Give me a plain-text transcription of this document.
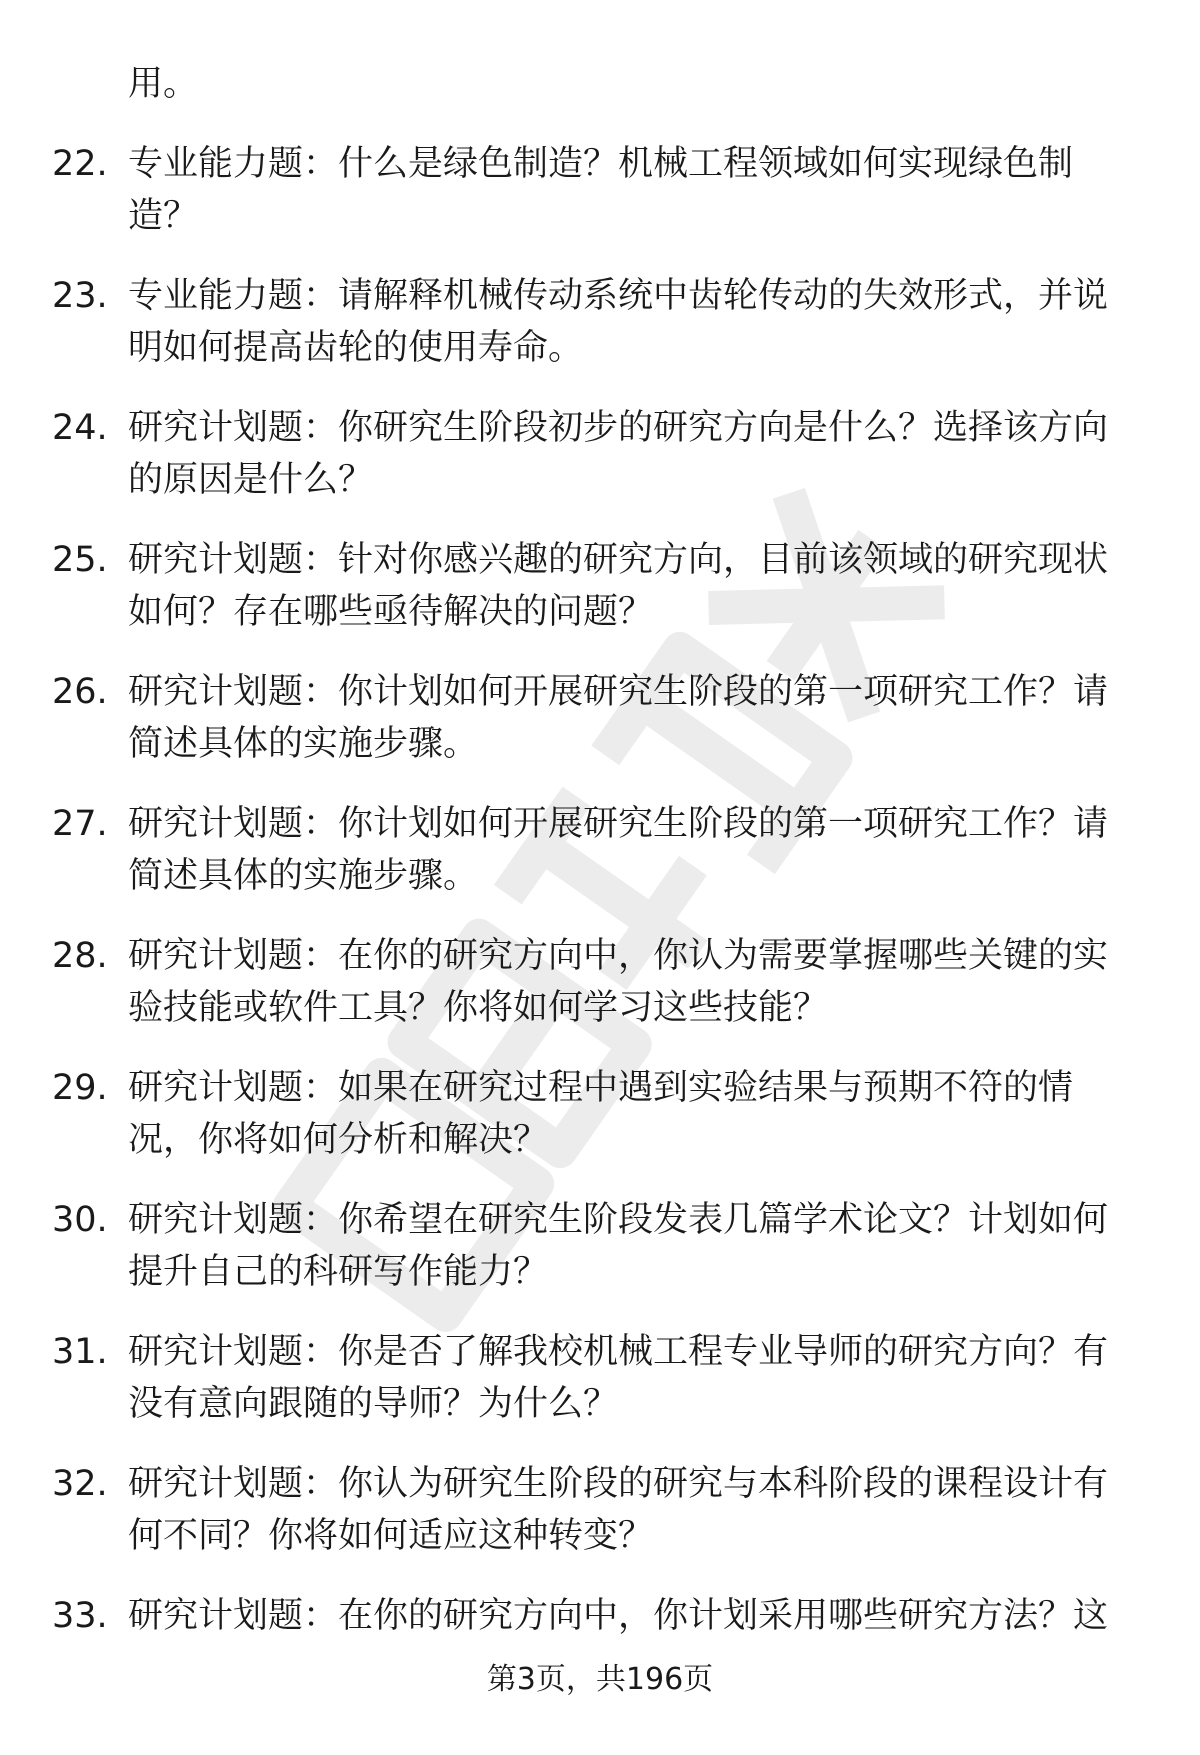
用。
22. 专业能力题：什么是绿色制造？机械工程领域如何实现绿色制造？
23. 专业能力题：请解释机械传动系统中齿轮传动的失效形式，并说明如何提高齿轮的使用寿命。
24. 研究计划题：你研究生阶段初步的研究方向是什么？选择该方向的原因是什么？
25. 研究计划题：针对你感兴趣的研究方向，目前该领域的研究现状如何？存在哪些亟待解决的问题？
26. 研究计划题：你计划如何开展研究生阶段的第一项研究工作？请简述具体的实施步骤。
27. 研究计划题：你计划如何开展研究生阶段的第一项研究工作？请简述具体的实施步骤。
28. 研究计划题：在你的研究方向中，你认为需要掌握哪些关键的实验技能或软件工具？你将如何学习这些技能？
29. 研究计划题：如果在研究过程中遇到实验结果与预期不符的情况，你将如何分析和解决？
30. 研究计划题：你希望在研究生阶段发表几篇学术论文？计划如何提升自己的科研写作能力？
31. 研究计划题：你是否了解我校机械工程专业导师的研究方向？有没有意向跟随的导师？为什么？
32. 研究计划题：你认为研究生阶段的研究与本科阶段的课程设计有何不同？你将如何适应这种转变？
33. 研究计划题：在你的研究方向中，你计划采用哪些研究方法？这
第3页，共196页
